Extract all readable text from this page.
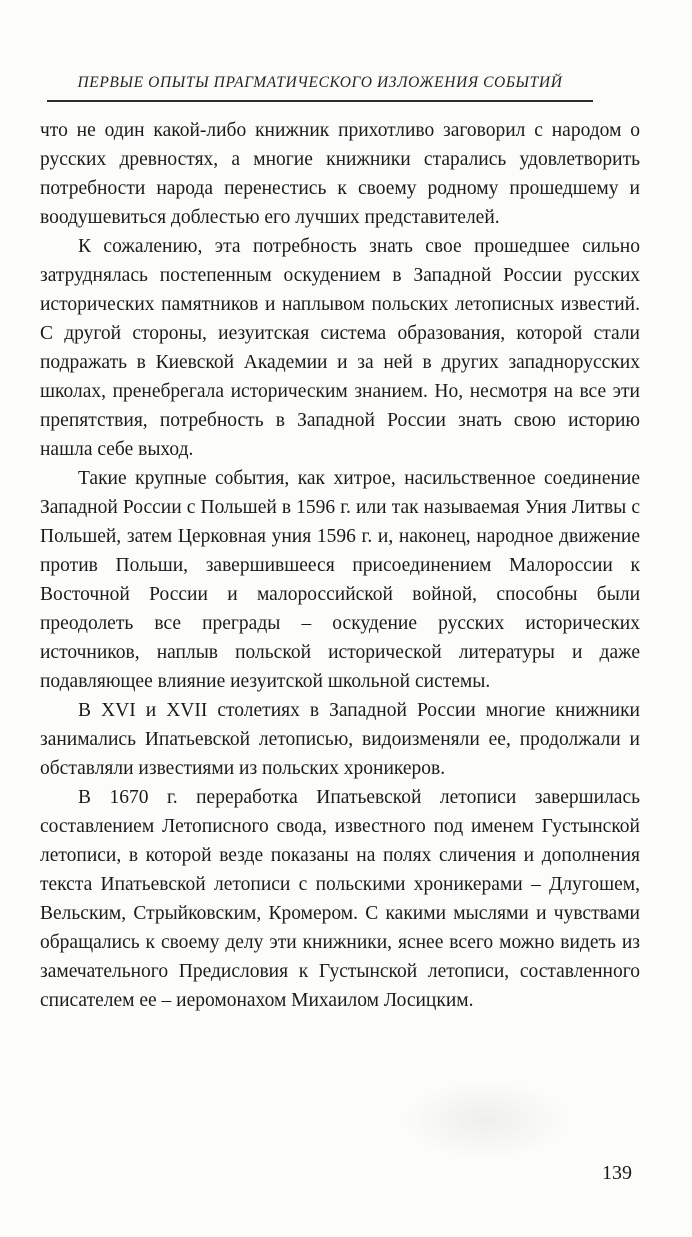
ПЕРВЫЕ ОПЫТЫ ПРАГМАТИЧЕСКОГО ИЗЛОЖЕНИЯ СОБЫТИЙ

что не один какой-либо книжник прихотливо заговорил с народом о русских древностях, а многие книжники старались удовлетворить потребности народа перенестись к своему родному прошедшему и воодушевиться доблестью его лучших представителей.

К сожалению, эта потребность знать свое прошедшее сильно затруднялась постепенным оскудением в Западной России русских исторических памятников и наплывом польских летописных известий. С другой стороны, иезуитская система образования, которой стали подражать в Киевской Академии и за ней в других западнорусских школах, пренебрегала историческим знанием. Но, несмотря на все эти препятствия, потребность в Западной России знать свою историю нашла себе выход.

Такие крупные события, как хитрое, насильственное соединение Западной России с Польшей в 1596 г. или так называемая Уния Литвы с Польшей, затем Церковная уния 1596 г. и, наконец, народное движение против Польши, завершившееся присоединением Малороссии к Восточной России и малороссийской войной, способны были преодолеть все преграды – оскудение русских исторических источников, наплыв польской исторической литературы и даже подавляющее влияние иезуитской школьной системы.

В XVI и XVII столетиях в Западной России многие книжники занимались Ипатьевской летописью, видоизменяли ее, продолжали и обставляли известиями из польских хроникеров.

В 1670 г. переработка Ипатьевской летописи завершилась составлением Летописного свода, известного под именем Густынской летописи, в которой везде показаны на полях сличения и дополнения текста Ипатьевской летописи с польскими хроникерами – Длугошем, Вельским, Стрыйковским, Кромером. С какими мыслями и чувствами обращались к своему делу эти книжники, яснее всего можно видеть из замечательного Предисловия к Густынской летописи, составленного списателем ее – иеромонахом Михаилом Лосицким.

139
